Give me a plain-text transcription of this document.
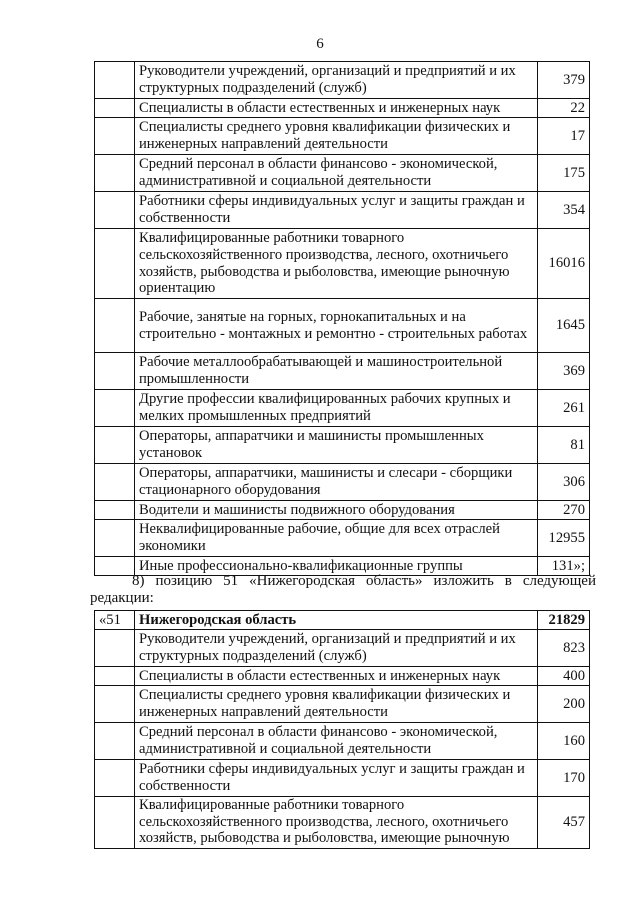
6
	Руководители учреждений, организаций и предприятий и их структурных подразделений (служб)	379
	Специалисты в области естественных и инженерных наук	22
	Специалисты среднего уровня квалификации физических и инженерных направлений деятельности	17
	Средний персонал в области финансово - экономической, административной и социальной деятельности	175
	Работники сферы индивидуальных услуг и защиты граждан и собственности	354
	Квалифицированные работники товарного сельскохозяйственного производства, лесного, охотничьего хозяйств, рыбоводства и рыболовства, имеющие рыночную ориентацию	16016
	Рабочие, занятые на горных, горнокапитальных и на строительно - монтажных и ремонтно - строительных работах	1645
	Рабочие металлообрабатывающей и машиностроительной промышленности	369
	Другие профессии квалифицированных рабочих крупных и мелких промышленных предприятий	261
	Операторы, аппаратчики и машинисты промышленных установок	81
	Операторы, аппаратчики, машинисты и слесари - сборщики стационарного оборудования	306
	Водители и машинисты подвижного оборудования	270
	Неквалифицированные рабочие, общие для всех отраслей экономики	12955
	Иные профессионально-квалификационные группы	131»;
8) позицию 51 «Нижегородская область» изложить в следующей редакции:
«51	Нижегородская область	21829
	Руководители учреждений, организаций и предприятий и их структурных подразделений (служб)	823
	Специалисты в области естественных и инженерных наук	400
	Специалисты среднего уровня квалификации физических и инженерных направлений деятельности	200
	Средний персонал в области финансово - экономической, административной и социальной деятельности	160
	Работники сферы индивидуальных услуг и защиты граждан и собственности	170
	Квалифицированные работники товарного сельскохозяйственного производства, лесного, охотничьего хозяйств, рыбоводства и рыболовства, имеющие рыночную	457
